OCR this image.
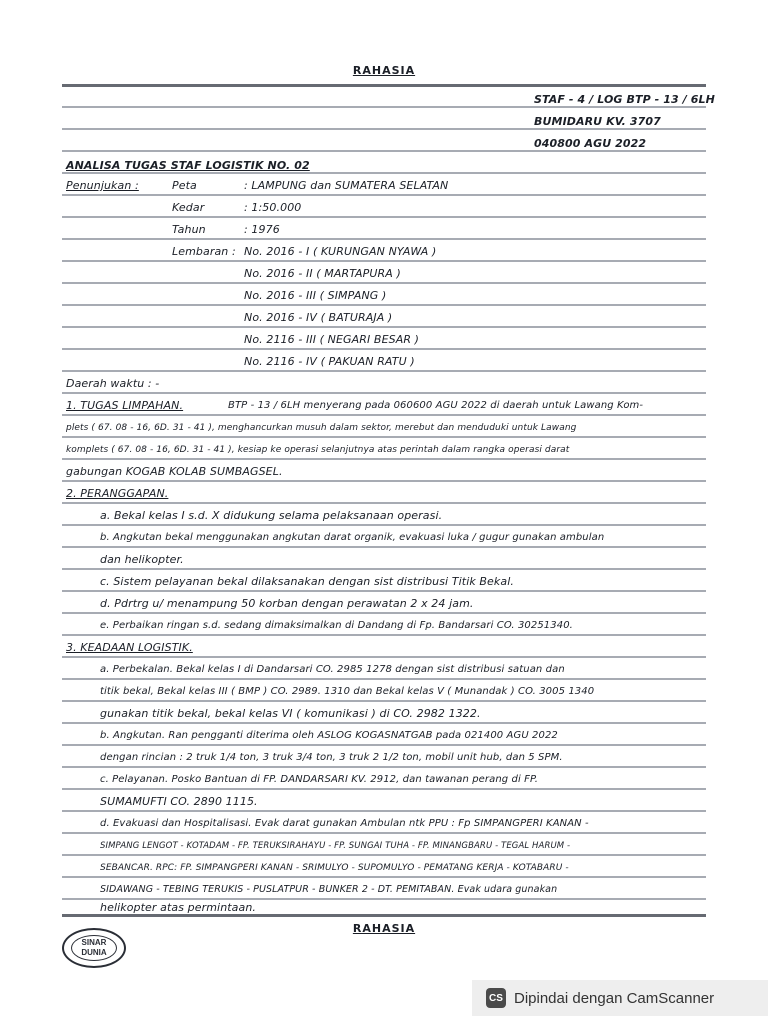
RAHASIA
STAF - 4 / LOG BTP - 13 / 6LH
BUMIDARU KV. 3707
040800 AGU 2022
ANALISA TUGAS STAF LOGISTIK NO. 02
Penunjukan :	Peta	: LAMPUNG dan SUMATERA SELATAN
Kedar	: 1:50.000
Tahun	: 1976
Lembaran : No. 2016 - I ( KURUNGAN NYAWA )
No. 2016 - II ( MARTAPURA )
No. 2016 - III ( SIMPANG )
No. 2016 - IV ( BATURAJA )
No. 2116 - III ( NEGARI BESAR )
No. 2116 - IV ( PAKUAN RATU )
Daerah waktu : -
1. TUGAS LIMPAHAN.	BTP - 13 / 6LH menyerang pada 060600 AGU 2022 di daerah untuk Lawang Kom-
plets ( 67. 08 - 16, 6D. 31 - 41 ), menghancurkan musuh dalam sektor, merebut dan menduduki untuk Lawang
komplets ( 67. 08 - 16, 6D. 31 - 41 ), kesiap ke operasi selanjutnya atas perintah dalam rangka operasi darat
gabungan KOGAB KOLAB SUMBAGSEL.
2. PERANGGAPAN.
a. Bekal kelas I s.d. X didukung selama pelaksanaan operasi.
b. Angkutan bekal menggunakan angkutan darat organik, evakuasi luka / gugur gunakan ambulan
dan helikopter.
c. Sistem pelayanan bekal dilaksanakan dengan sist distribusi Titik Bekal.
d. Pdrtrg u/ menampung 50 korban dengan perawatan 2 x 24 jam.
e. Perbaikan ringan s.d. sedang dimaksimalkan di Dandang di Fp. Bandarsari CO. 30251340.
3. KEADAAN LOGISTIK.
a. Perbekalan. Bekal kelas I di Dandarsari CO. 2985 1278 dengan sist distribusi satuan dan
titik bekal, Bekal kelas III ( BMP ) CO. 2989. 1310 dan Bekal kelas V ( Munandak ) CO. 3005 1340
gunakan titik bekal, bekal kelas VI ( komunikasi ) di CO. 2982 1322.
b. Angkutan. Ran pengganti diterima oleh ASLOG KOGASNATGAB pada 021400 AGU 2022
dengan rincian : 2 truk 1/4 ton, 3 truk 3/4 ton, 3 truk 2 1/2 ton, mobil unit hub, dan 5 SPM.
c. Pelayanan. Posko Bantuan di FP. DANDARSARI KV. 2912, dan tawanan perang di FP.
SUMAMUFTI CO. 2890 1115.
d. Evakuasi dan Hospitalisasi. Evak darat gunakan Ambulan ntk PPU : Fp SIMPANGPERI KANAN -
SIMPANG LENGOT - KOTADAM - FP. TERUKSIRAHAYU - FP. SUNGAI TUHA - FP. MINANGBARU - TEGAL HARUM -
SEBANCAR. RPC: FP. SIMPANGPERI KANAN - SRIMULYO - SUPOMULYO - PEMATANG KERJA - KOTABARU -
SIDAWANG - TEBING TERUKIS - PUSLATPUR - BUNKER 2 - DT. PEMITABAN. Evak udara gunakan
helikopter atas permintaan.
RAHASIA
SINAR
DUNIA
CS Dipindai dengan CamScanner
